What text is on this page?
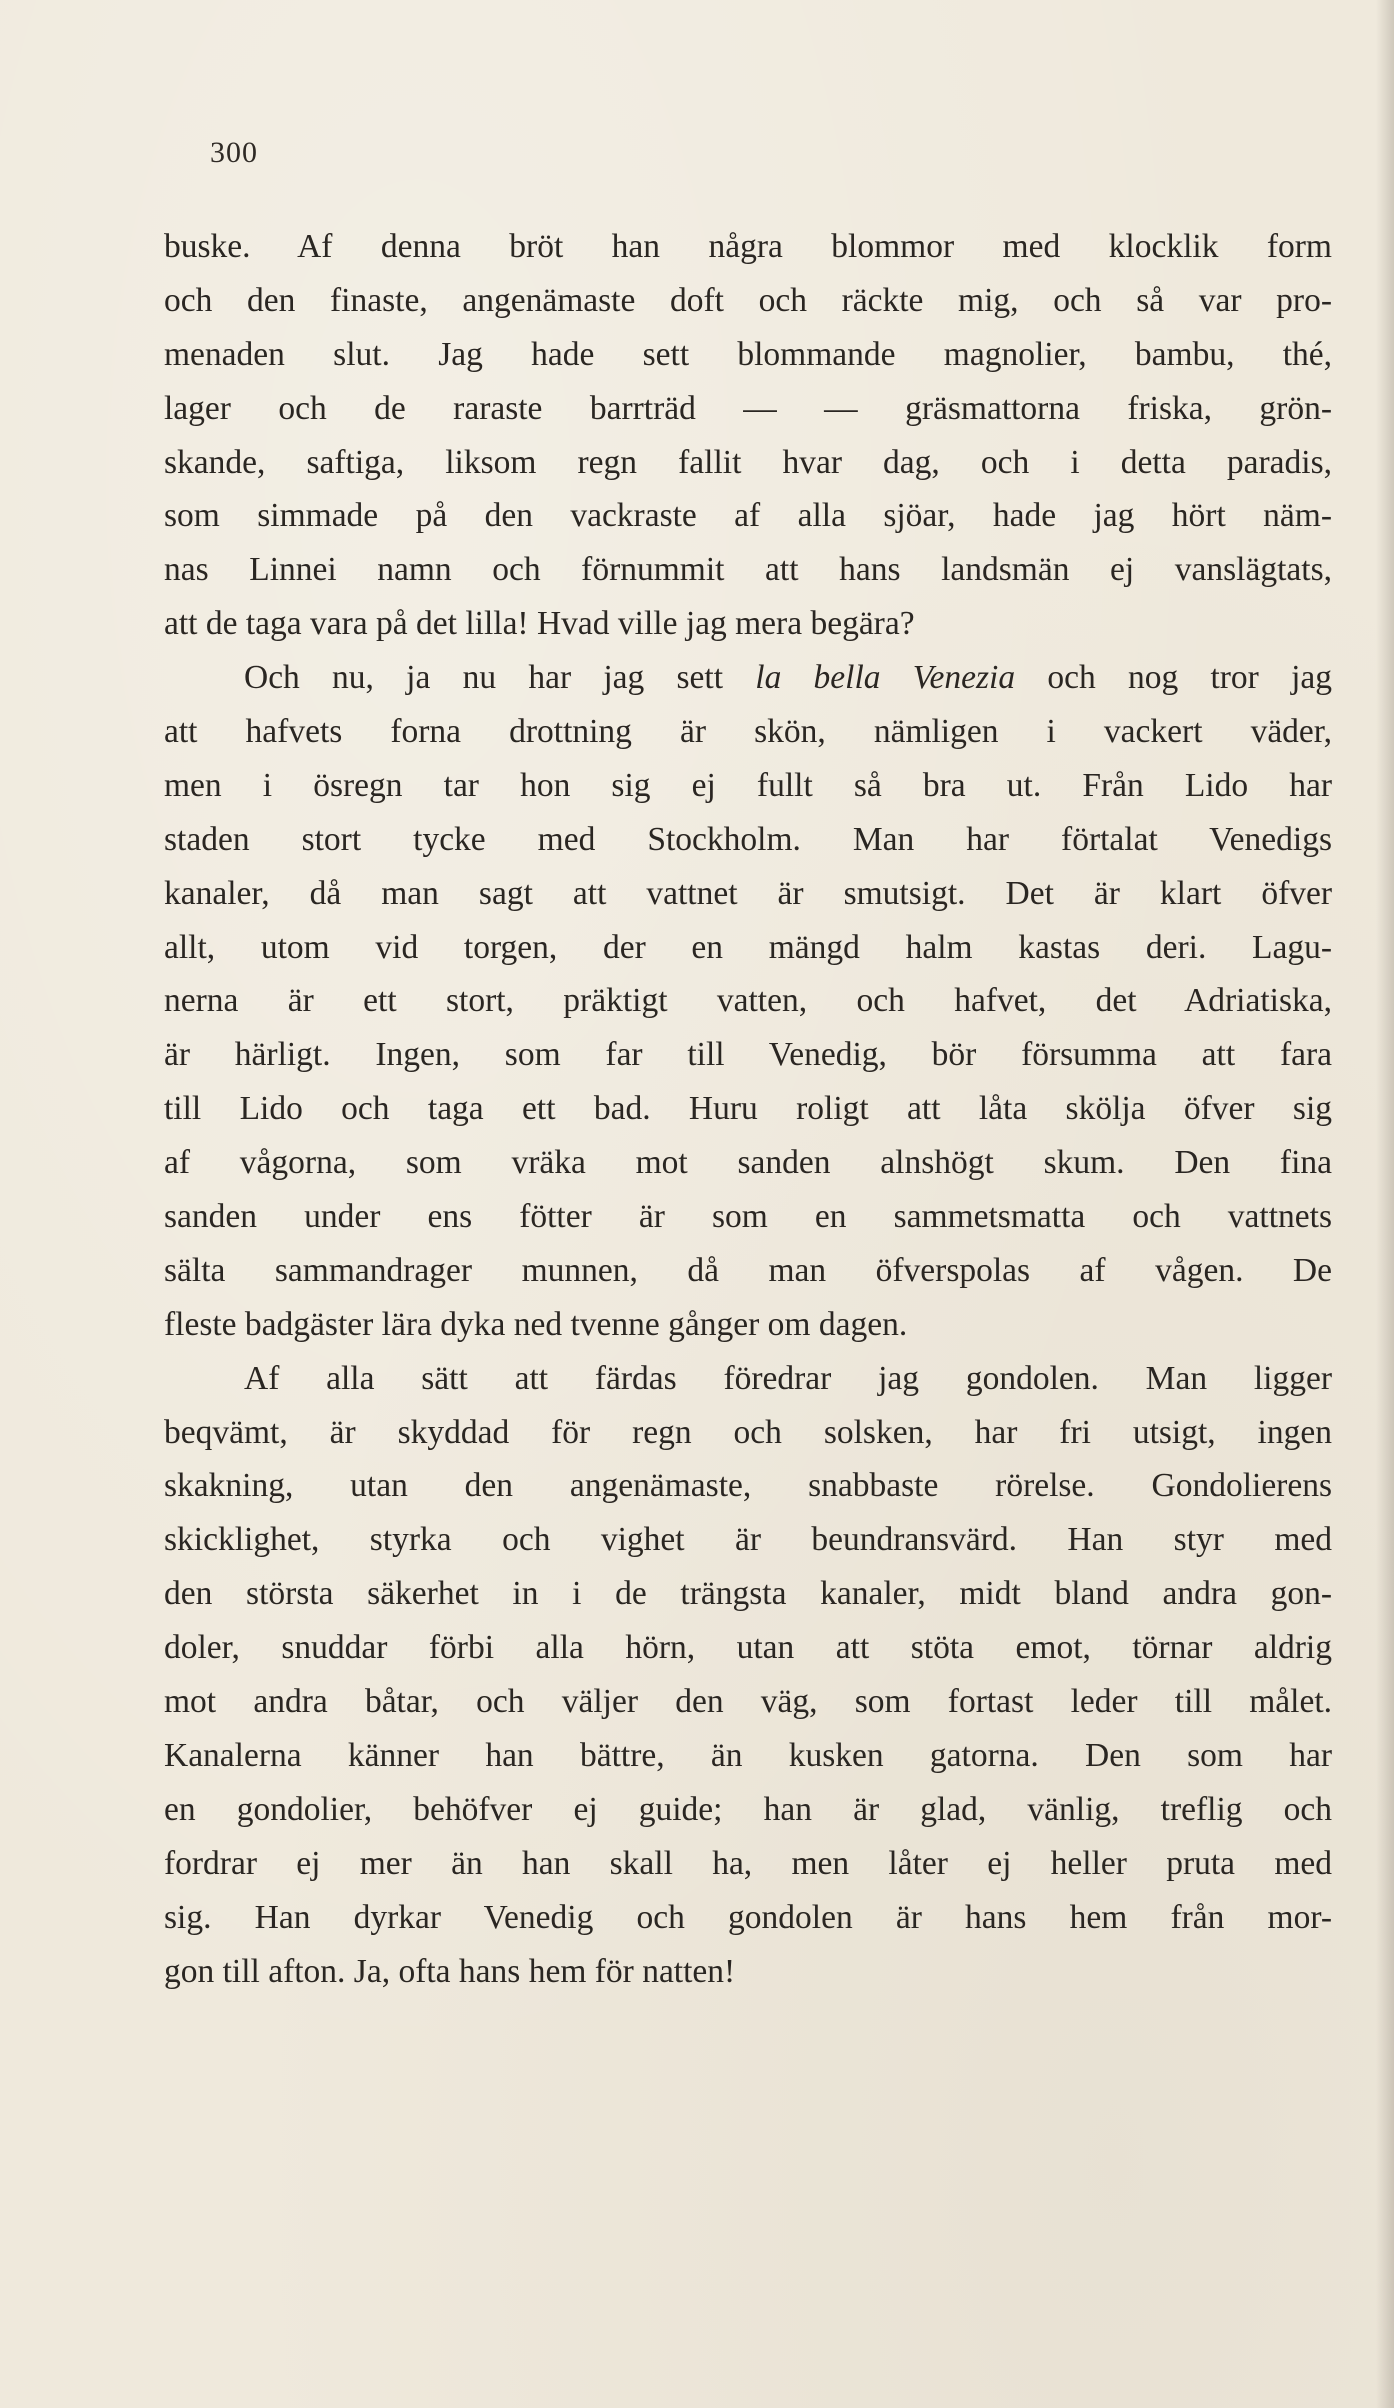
300
buske. Af denna bröt han några blommor med klocklik form
och den finaste, angenämaste doft och räckte mig, och så var pro-
menaden slut. Jag hade sett blommande magnolier, bambu, thé,
lager och de raraste barrträd — — gräsmattorna friska, grön-
skande, saftiga, liksom regn fallit hvar dag, och i detta paradis,
som simmade på den vackraste af alla sjöar, hade jag hört näm-
nas Linnei namn och förnummit att hans landsmän ej vanslägtats,
att de taga vara på det lilla! Hvad ville jag mera begära?
Och nu, ja nu har jag sett la bella Venezia och nog tror jag
att hafvets forna drottning är skön, nämligen i vackert väder,
men i ösregn tar hon sig ej fullt så bra ut. Från Lido har
staden stort tycke med Stockholm. Man har förtalat Venedigs
kanaler, då man sagt att vattnet är smutsigt. Det är klart öfver
allt, utom vid torgen, der en mängd halm kastas deri. Lagu-
nerna är ett stort, präktigt vatten, och hafvet, det Adriatiska,
är härligt. Ingen, som far till Venedig, bör försumma att fara
till Lido och taga ett bad. Huru roligt att låta skölja öfver sig
af vågorna, som vräka mot sanden alnshögt skum. Den fina
sanden under ens fötter är som en sammetsmatta och vattnets
sälta sammandrager munnen, då man öfverspolas af vågen. De
fleste badgäster lära dyka ned tvenne gånger om dagen.
Af alla sätt att färdas föredrar jag gondolen. Man ligger
beqvämt, är skyddad för regn och solsken, har fri utsigt, ingen
skakning, utan den angenämaste, snabbaste rörelse. Gondolierens
skicklighet, styrka och vighet är beundransvärd. Han styr med
den största säkerhet in i de trängsta kanaler, midt bland andra gon-
doler, snuddar förbi alla hörn, utan att stöta emot, törnar aldrig
mot andra båtar, och väljer den väg, som fortast leder till målet.
Kanalerna känner han bättre, än kusken gatorna. Den som har
en gondolier, behöfver ej guide; han är glad, vänlig, treflig och
fordrar ej mer än han skall ha, men låter ej heller pruta med
sig. Han dyrkar Venedig och gondolen är hans hem från mor-
gon till afton. Ja, ofta hans hem för natten!
